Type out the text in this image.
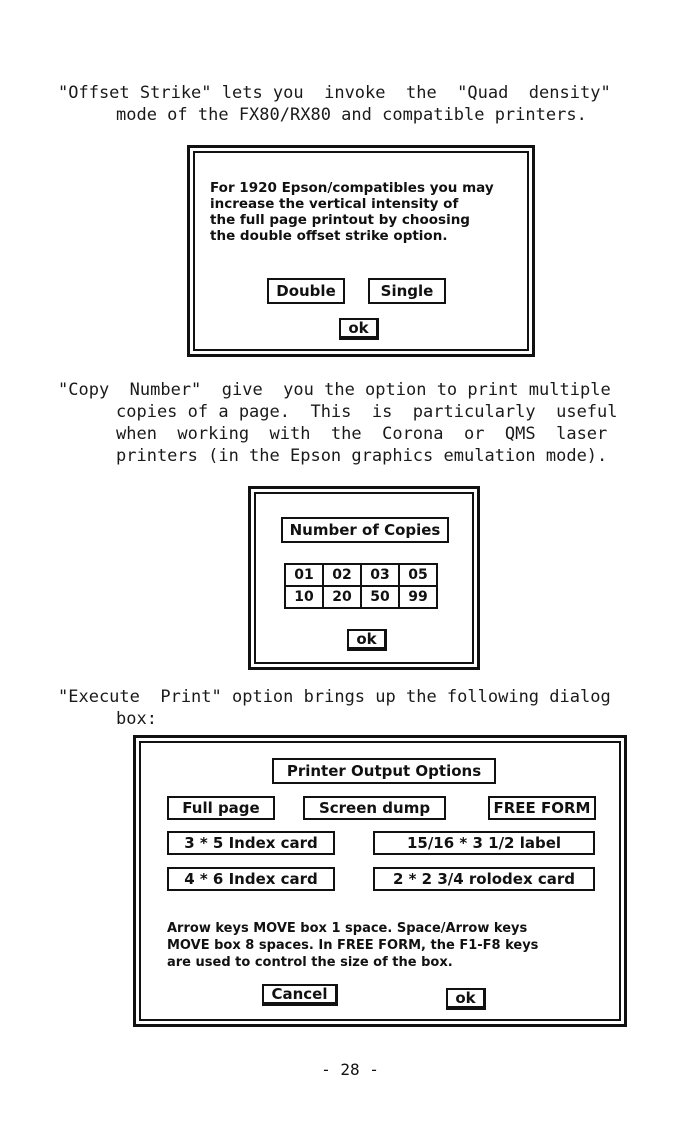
"Offset Strike" lets you  invoke  the  "Quad  density"
mode of the FX80/RX80 and compatible printers.
For 1920 Epson/compatibles you may
increase the vertical intensity of
the full page printout by choosing
the double offset strike option.
Double	Single
ok
"Copy  Number"  give  you the option to print multiple
copies of a page.  This  is  particularly  useful
when  working  with  the  Corona  or  QMS  laser
printers (in the Epson graphics emulation mode).
Number of Copies
01	02	03	05
10	20	50	99
ok
"Execute  Print" option brings up the following dialog
box:
Printer Output Options
Full page	Screen dump	FREE FORM
3 * 5 Index card	15/16 * 3 1/2 label
4 * 6 Index card	2 * 2 3/4 rolodex card
Arrow keys MOVE box 1 space. Space/Arrow keys
MOVE box 8 spaces. In FREE FORM, the F1-F8 keys
are used to control the size of the box.
Cancel	ok
- 28 -
